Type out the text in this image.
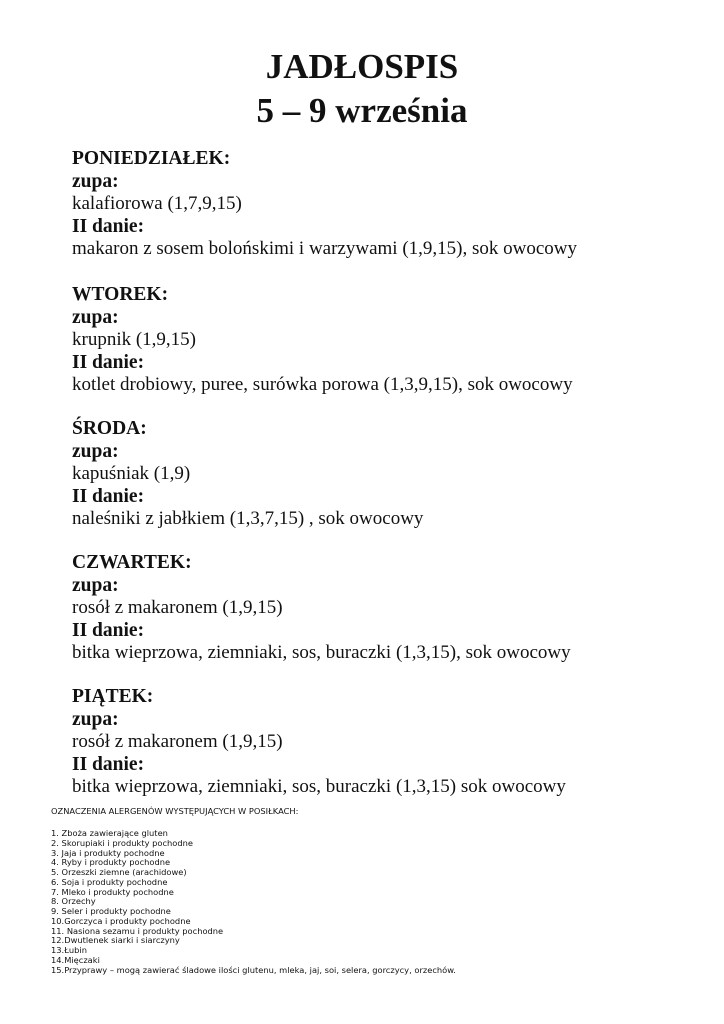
JADŁOSPIS
5 – 9 września

PONIEDZIAŁEK:

zupa:

kalafiorowa (1,7,9,15)

II danie:

makaron z sosem bolońskimi i warzywami (1,9,15), sok owocowy

WTOREK:

zupa:

krupnik (1,9,15)

II danie:

kotlet drobiowy, puree, surówka porowa (1,3,9,15), sok owocowy

ŚRODA:

zupa:

kapuśniak (1,9)

II danie:

naleśniki z jabłkiem (1,3,7,15) , sok owocowy

CZWARTEK:

zupa:

rosół z makaronem (1,9,15)

II danie:

bitka wieprzowa, ziemniaki, sos, buraczki (1,3,15), sok owocowy

PIĄTEK:

zupa:

rosół z makaronem (1,9,15)

II danie:

bitka wieprzowa, ziemniaki, sos, buraczki (1,3,15) sok owocowy

OZNACZENIA ALERGENÓW WYSTĘPUJĄCYCH W POSIŁKACH:

1. Zboża zawierające gluten
2. Skorupiaki i produkty pochodne
3. Jaja i produkty pochodne
4. Ryby i produkty pochodne
5. Orzeszki ziemne (arachidowe)
6. Soja i produkty pochodne
7. Mleko i produkty pochodne
8. Orzechy
9. Seler i produkty pochodne
10.Gorczyca i produkty pochodne
11. Nasiona sezamu i produkty pochodne
12.Dwutlenek siarki i siarczyny
13.Łubin
14.Mięczaki
15.Przyprawy – mogą zawierać śladowe ilości glutenu, mleka, jaj, soi, selera, gorczycy, orzechów.
